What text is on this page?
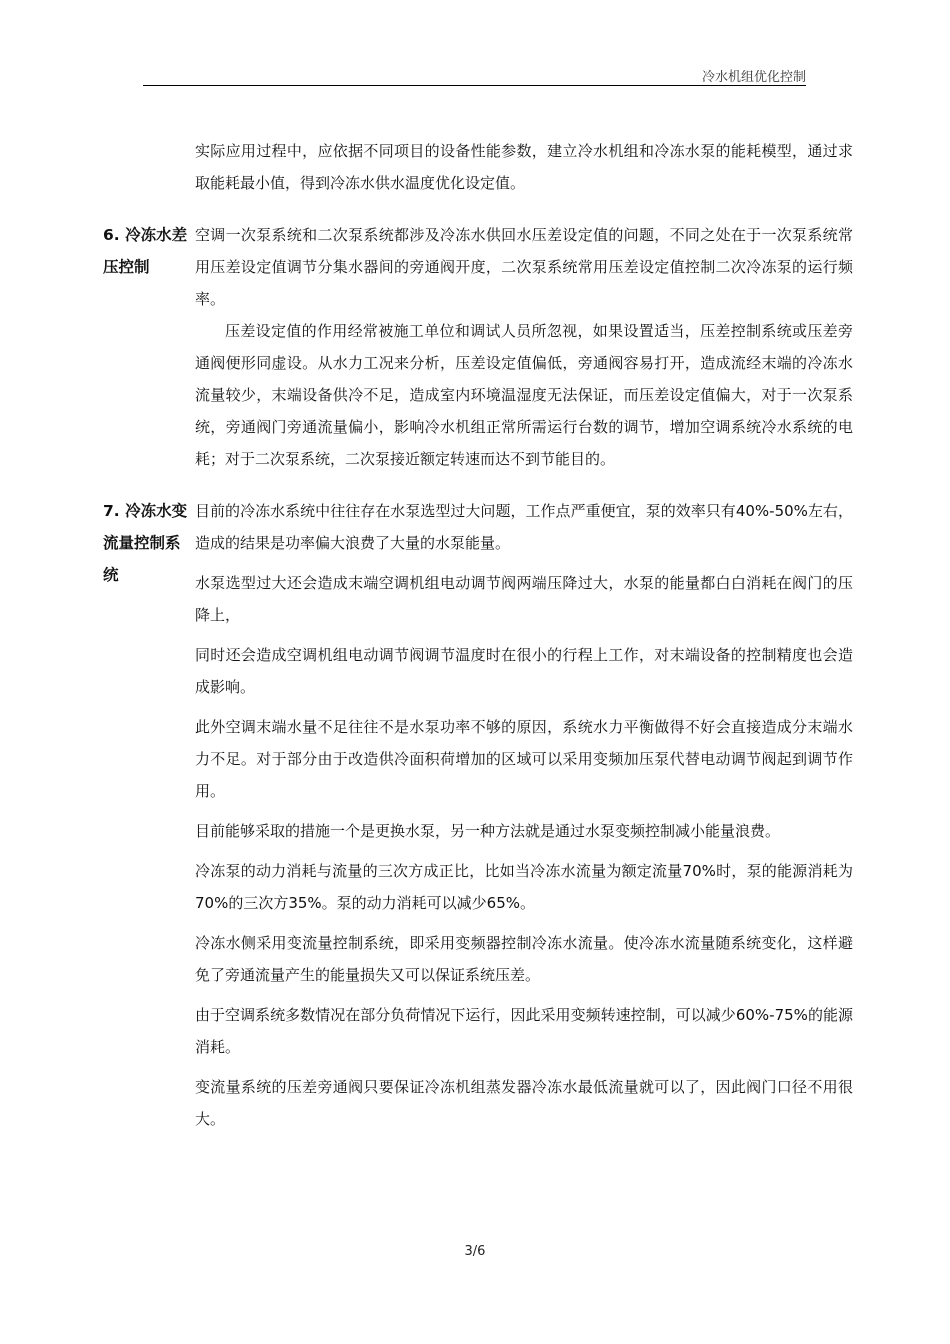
冷水机组优化控制

实际应用过程中，应依据不同项目的设备性能参数，建立冷水机组和冷冻水泵的能耗模型，通过求取能耗最小值，得到冷冻水供水温度优化设定值。

6. 冷冻水差压控制

空调一次泵系统和二次泵系统都涉及冷冻水供回水压差设定值的问题，不同之处在于一次泵系统常用压差设定值调节分集水器间的旁通阀开度，二次泵系统常用压差设定值控制二次冷冻泵的运行频率。

压差设定值的作用经常被施工单位和调试人员所忽视，如果设置适当，压差控制系统或压差旁通阀便形同虚设。从水力工况来分析，压差设定值偏低，旁通阀容易打开，造成流经末端的冷冻水流量较少，末端设备供冷不足，造成室内环境温湿度无法保证，而压差设定值偏大，对于一次泵系统，旁通阀门旁通流量偏小，影响冷水机组正常所需运行台数的调节，增加空调系统冷水系统的电耗；对于二次泵系统，二次泵接近额定转速而达不到节能目的。

7. 冷冻水变流量控制系统

目前的冷冻水系统中往往存在水泵选型过大问题，工作点严重便宜，泵的效率只有40%-50%左右，造成的结果是功率偏大浪费了大量的水泵能量。

水泵选型过大还会造成末端空调机组电动调节阀两端压降过大，水泵的能量都白白消耗在阀门的压降上，

同时还会造成空调机组电动调节阀调节温度时在很小的行程上工作，对末端设备的控制精度也会造成影响。

此外空调末端水量不足往往不是水泵功率不够的原因，系统水力平衡做得不好会直接造成分末端水力不足。对于部分由于改造供冷面积荷增加的区域可以采用变频加压泵代替电动调节阀起到调节作用。

目前能够采取的措施一个是更换水泵，另一种方法就是通过水泵变频控制减小能量浪费。

冷冻泵的动力消耗与流量的三次方成正比，比如当冷冻水流量为额定流量70%时，泵的能源消耗为70%的三次方35%。泵的动力消耗可以减少65%。

冷冻水侧采用变流量控制系统，即采用变频器控制冷冻水流量。使冷冻水流量随系统变化，这样避免了旁通流量产生的能量损失又可以保证系统压差。

由于空调系统多数情况在部分负荷情况下运行，因此采用变频转速控制，可以减少60%-75%的能源消耗。

变流量系统的压差旁通阀只要保证冷冻机组蒸发器冷冻水最低流量就可以了，因此阀门口径不用很大。

3/6
